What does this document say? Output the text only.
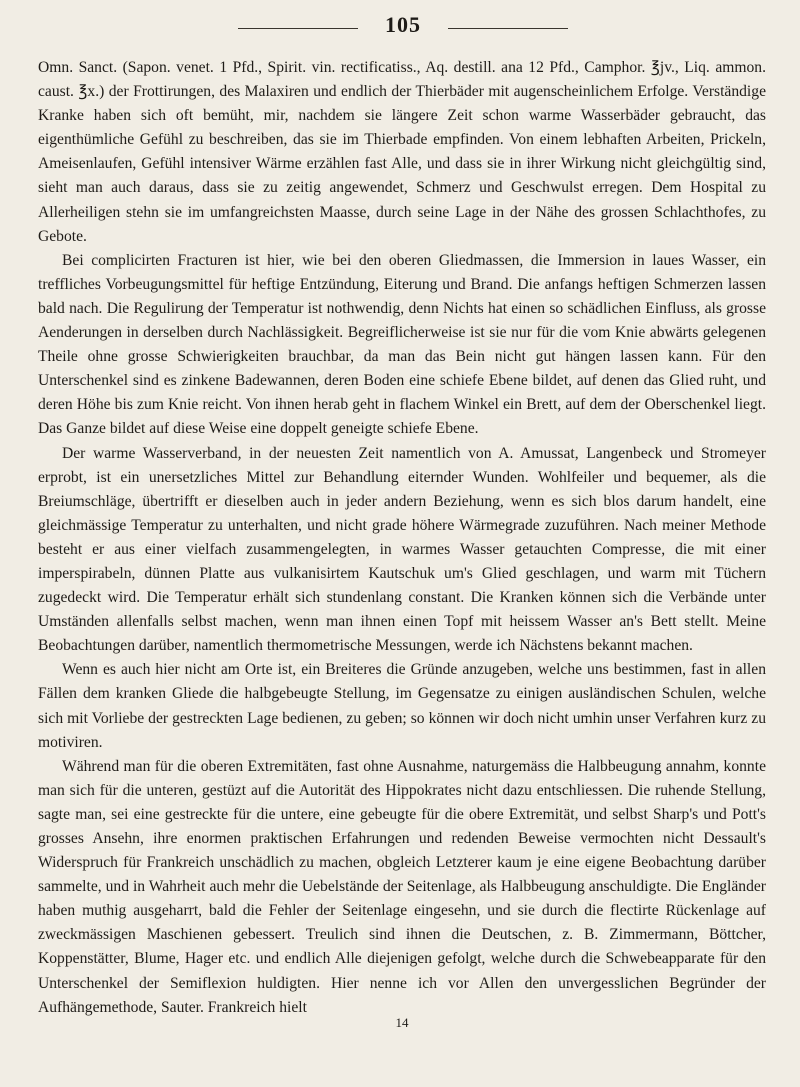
105

Omn. Sanct. (Sapon. venet. 1 Pfd., Spirit. vin. rectificatiss., Aq. destill. ana 12 Pfd., Camphor. ℥jv., Liq. ammon. caust. ℥x.) der Frottirungen, des Malaxiren und endlich der Thierbäder mit augenscheinlichem Erfolge. Verständige Kranke haben sich oft bemüht, mir, nachdem sie längere Zeit schon warme Wasserbäder gebraucht, das eigenthümliche Gefühl zu beschreiben, das sie im Thierbade empfinden. Von einem lebhaften Arbeiten, Prickeln, Ameisenlaufen, Gefühl intensiver Wärme erzählen fast Alle, und dass sie in ihrer Wirkung nicht gleichgültig sind, sieht man auch daraus, dass sie zu zeitig angewendet, Schmerz und Geschwulst erregen. Dem Hospital zu Allerheiligen stehn sie im umfangreichsten Maasse, durch seine Lage in der Nähe des grossen Schlachthofes, zu Gebote.

Bei complicirten Fracturen ist hier, wie bei den oberen Gliedmassen, die Immersion in laues Wasser, ein treffliches Vorbeugungsmittel für heftige Entzündung, Eiterung und Brand. Die anfangs heftigen Schmerzen lassen bald nach. Die Regulirung der Temperatur ist nothwendig, denn Nichts hat einen so schädlichen Einfluss, als grosse Aenderungen in derselben durch Nachlässigkeit. Begreiflicherweise ist sie nur für die vom Knie abwärts gelegenen Theile ohne grosse Schwierigkeiten brauchbar, da man das Bein nicht gut hängen lassen kann. Für den Unterschenkel sind es zinkene Badewannen, deren Boden eine schiefe Ebene bildet, auf denen das Glied ruht, und deren Höhe bis zum Knie reicht. Von ihnen herab geht in flachem Winkel ein Brett, auf dem der Oberschenkel liegt. Das Ganze bildet auf diese Weise eine doppelt geneigte schiefe Ebene.

Der warme Wasserverband, in der neuesten Zeit namentlich von A. Amussat, Langenbeck und Stromeyer erprobt, ist ein unersetzliches Mittel zur Behandlung eiternder Wunden. Wohlfeiler und bequemer, als die Breiumschläge, übertrifft er dieselben auch in jeder andern Beziehung, wenn es sich blos darum handelt, eine gleichmässige Temperatur zu unterhalten, und nicht grade höhere Wärmegrade zuzuführen. Nach meiner Methode besteht er aus einer vielfach zusammengelegten, in warmes Wasser getauchten Compresse, die mit einer imperspirabeln, dünnen Platte aus vulkanisirtem Kautschuk um's Glied geschlagen, und warm mit Tüchern zugedeckt wird. Die Temperatur erhält sich stundenlang constant. Die Kranken können sich die Verbände unter Umständen allenfalls selbst machen, wenn man ihnen einen Topf mit heissem Wasser an's Bett stellt. Meine Beobachtungen darüber, namentlich thermometrische Messungen, werde ich Nächstens bekannt machen.

Wenn es auch hier nicht am Orte ist, ein Breiteres die Gründe anzugeben, welche uns bestimmen, fast in allen Fällen dem kranken Gliede die halbgebeugte Stellung, im Gegensatze zu einigen ausländischen Schulen, welche sich mit Vorliebe der gestreckten Lage bedienen, zu geben; so können wir doch nicht umhin unser Verfahren kurz zu motiviren.

Während man für die oberen Extremitäten, fast ohne Ausnahme, naturgemäss die Halbbeugung annahm, konnte man sich für die unteren, gestüzt auf die Autorität des Hippokrates nicht dazu entschliessen. Die ruhende Stellung, sagte man, sei eine gestreckte für die untere, eine gebeugte für die obere Extremität, und selbst Sharp's und Pott's grosses Ansehn, ihre enormen praktischen Erfahrungen und redenden Beweise vermochten nicht Dessault's Widerspruch für Frankreich unschädlich zu machen, obgleich Letzterer kaum je eine eigene Beobachtung darüber sammelte, und in Wahrheit auch mehr die Uebelstände der Seitenlage, als Halbbeugung anschuldigte. Die Engländer haben muthig ausgeharrt, bald die Fehler der Seitenlage eingesehn, und sie durch die flectirte Rückenlage auf zweckmässigen Maschienen gebessert. Treulich sind ihnen die Deutschen, z. B. Zimmermann, Böttcher, Koppenstätter, Blume, Hager etc. und endlich Alle diejenigen gefolgt, welche durch die Schwebeapparate für den Unterschenkel der Semiflexion huldigten. Hier nenne ich vor Allen den unvergesslichen Begründer der Aufhängemethode, Sauter. Frankreich hielt

14
